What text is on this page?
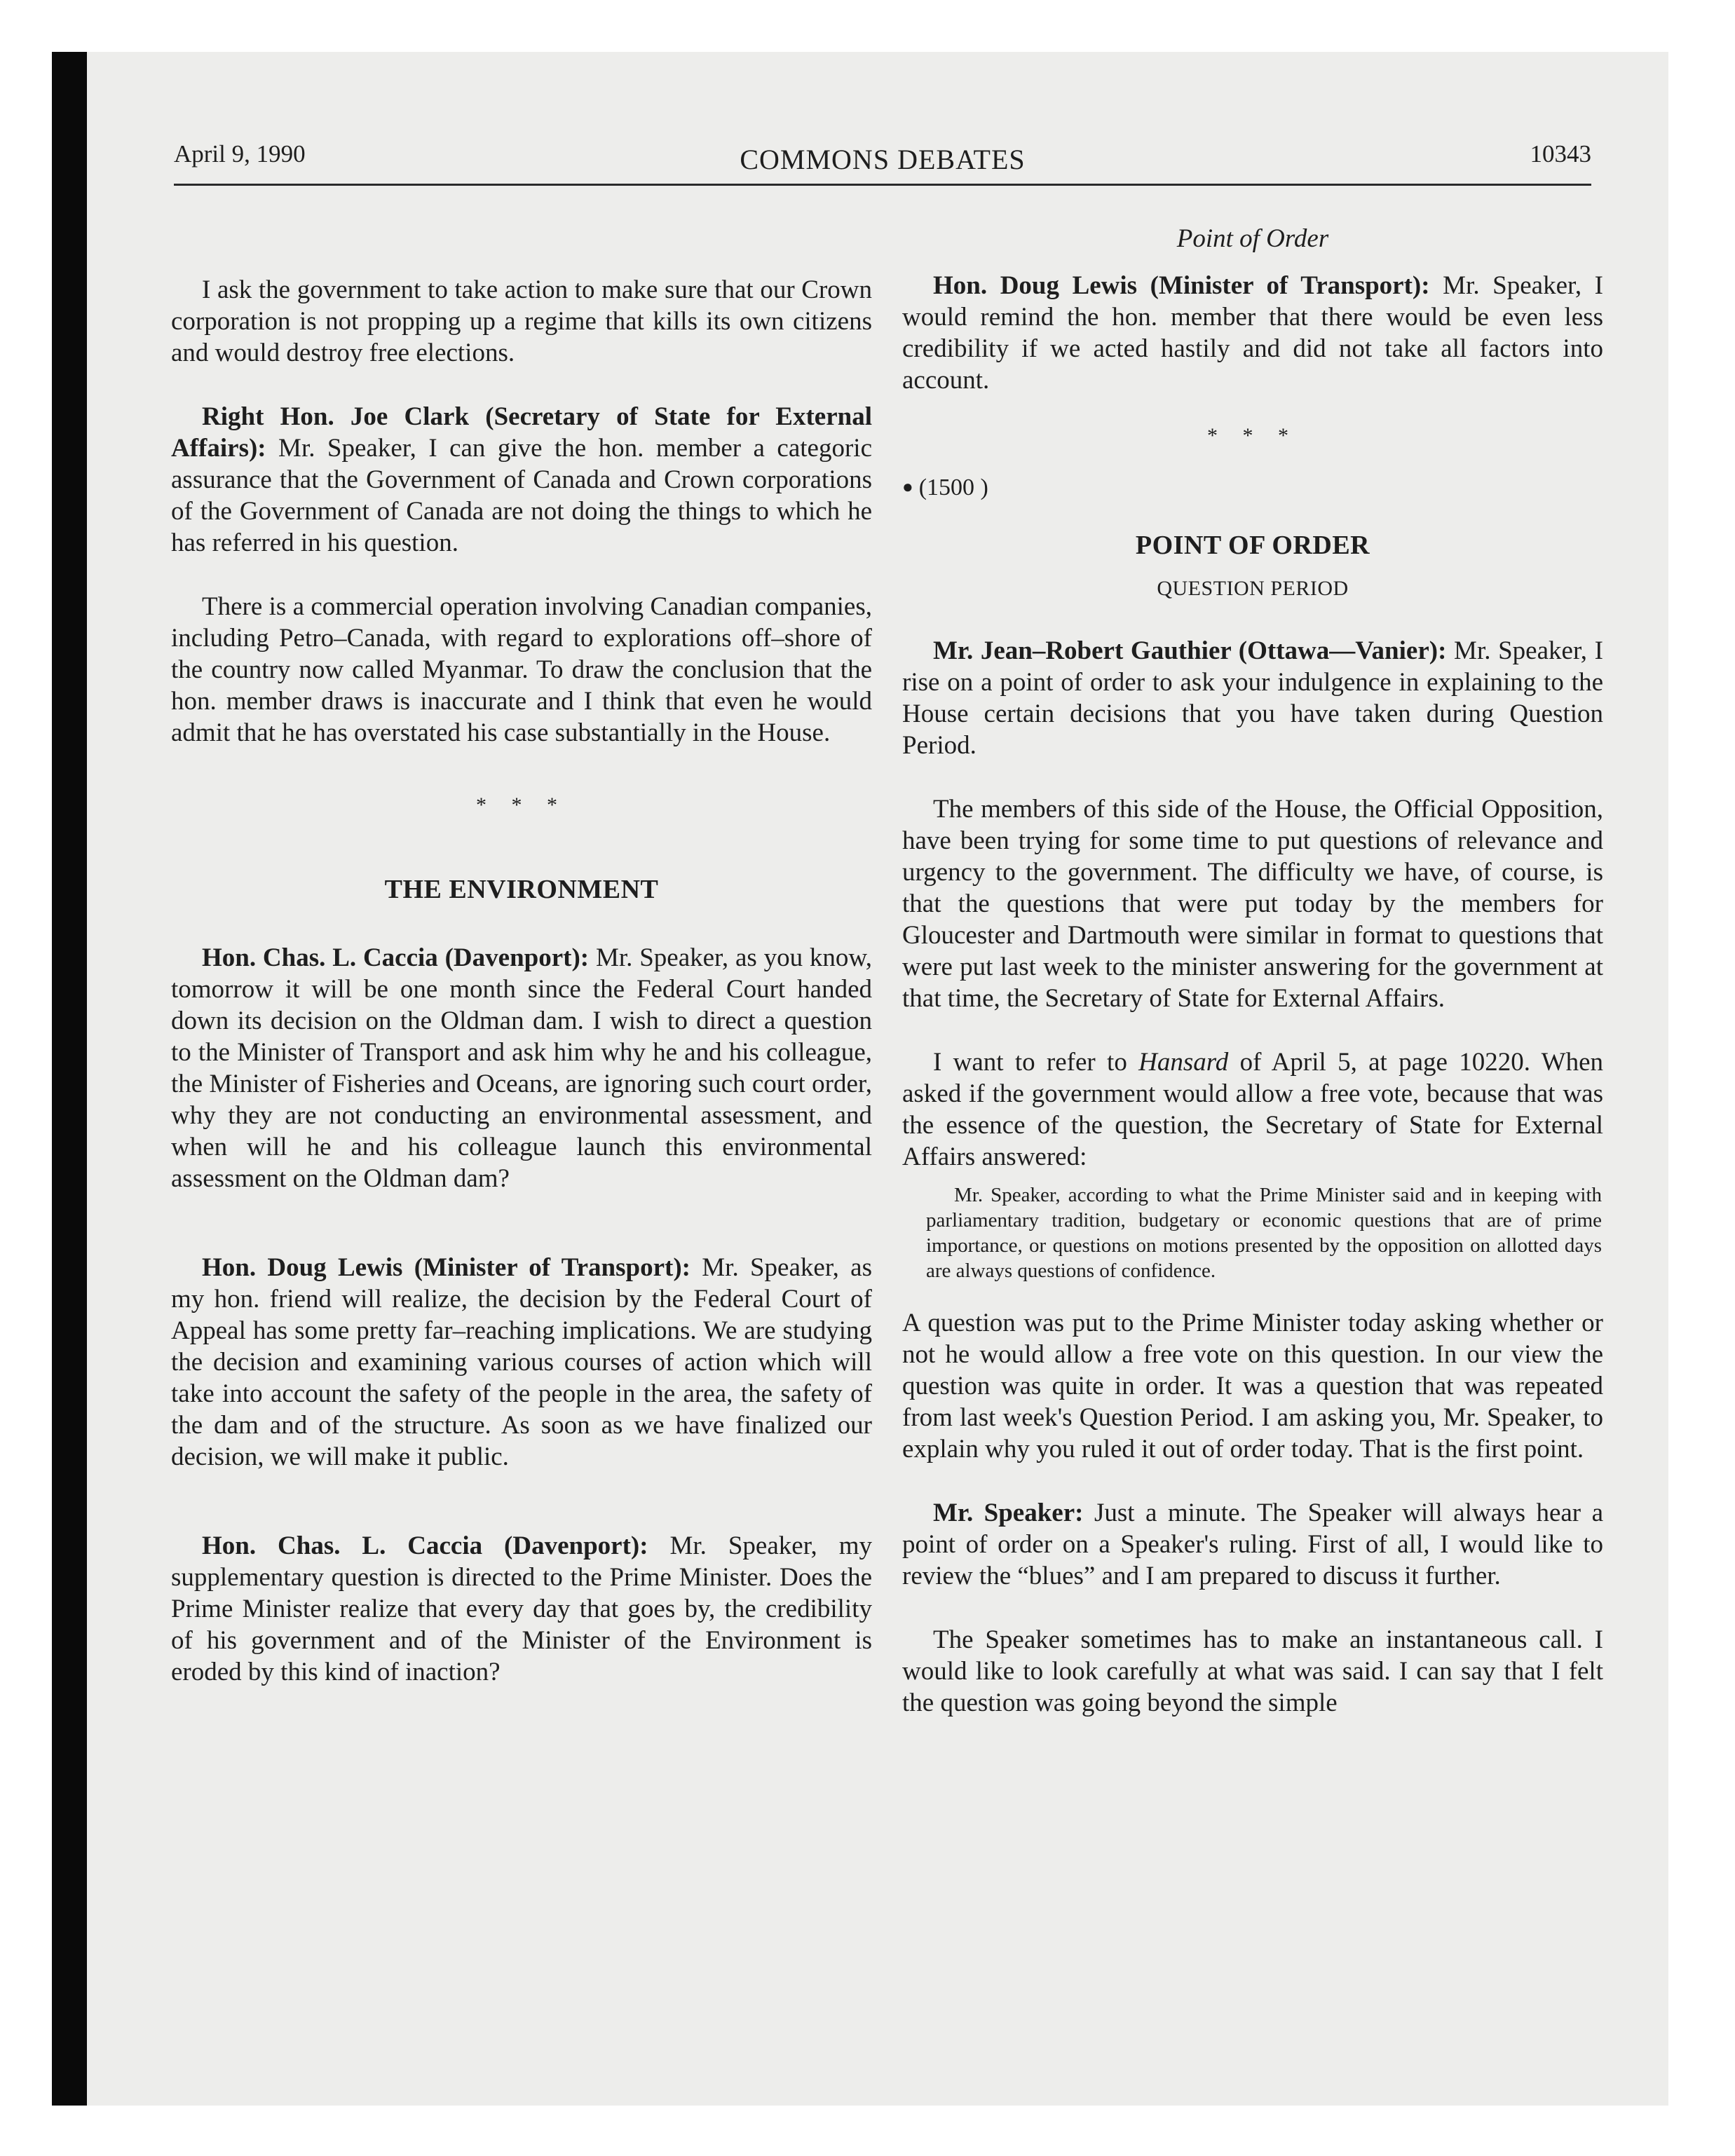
April 9, 1990	COMMONS DEBATES	10343

I ask the government to take action to make sure that our Crown corporation is not propping up a regime that kills its own citizens and would destroy free elections.

Right Hon. Joe Clark (Secretary of State for External Affairs): Mr. Speaker, I can give the hon. member a categoric assurance that the Government of Canada and Crown corporations of the Government of Canada are not doing the things to which he has referred in his question.

There is a commercial operation involving Canadian companies, including Petro–Canada, with regard to explorations off–shore of the country now called Myanmar. To draw the conclusion that the hon. member draws is inaccurate and I think that even he would admit that he has overstated his case substantially in the House.

* * *
THE ENVIRONMENT

Hon. Chas. L. Caccia (Davenport): Mr. Speaker, as you know, tomorrow it will be one month since the Federal Court handed down its decision on the Oldman dam. I wish to direct a question to the Minister of Transport and ask him why he and his colleague, the Minister of Fisheries and Oceans, are ignoring such court order, why they are not conducting an environmental assessment, and when will he and his colleague launch this environmental assessment on the Oldman dam?

Hon. Doug Lewis (Minister of Transport): Mr. Speaker, as my hon. friend will realize, the decision by the Federal Court of Appeal has some pretty far–reaching implications. We are studying the decision and examining various courses of action which will take into account the safety of the people in the area, the safety of the dam and of the structure. As soon as we have finalized our decision, we will make it public.

Hon. Chas. L. Caccia (Davenport): Mr. Speaker, my supplementary question is directed to the Prime Minister. Does the Prime Minister realize that every day that goes by, the credibility of his government and of the Minister of the Environment is eroded by this kind of inaction?

Point of Order

Hon. Doug Lewis (Minister of Transport): Mr. Speaker, I would remind the hon. member that there would be even less credibility if we acted hastily and did not take all factors into account.

* * *
● (1500 )
POINT OF ORDER
QUESTION PERIOD

Mr. Jean–Robert Gauthier (Ottawa—Vanier): Mr. Speaker, I rise on a point of order to ask your indulgence in explaining to the House certain decisions that you have taken during Question Period.

The members of this side of the House, the Official Opposition, have been trying for some time to put questions of relevance and urgency to the government. The difficulty we have, of course, is that the questions that were put today by the members for Gloucester and Dartmouth were similar in format to questions that were put last week to the minister answering for the government at that time, the Secretary of State for External Affairs.

I want to refer to Hansard of April 5, at page 10220. When asked if the government would allow a free vote, because that was the essence of the question, the Secretary of State for External Affairs answered:

Mr. Speaker, according to what the Prime Minister said and in keeping with parliamentary tradition, budgetary or economic questions that are of prime importance, or questions on motions presented by the opposition on allotted days are always questions of confidence.

A question was put to the Prime Minister today asking whether or not he would allow a free vote on this question. In our view the question was quite in order. It was a question that was repeated from last week's Question Period. I am asking you, Mr. Speaker, to explain why you ruled it out of order today. That is the first point.

Mr. Speaker: Just a minute. The Speaker will always hear a point of order on a Speaker's ruling. First of all, I would like to review the “blues” and I am prepared to discuss it further.

The Speaker sometimes has to make an instantaneous call. I would like to look carefully at what was said. I can say that I felt the question was going beyond the simple
